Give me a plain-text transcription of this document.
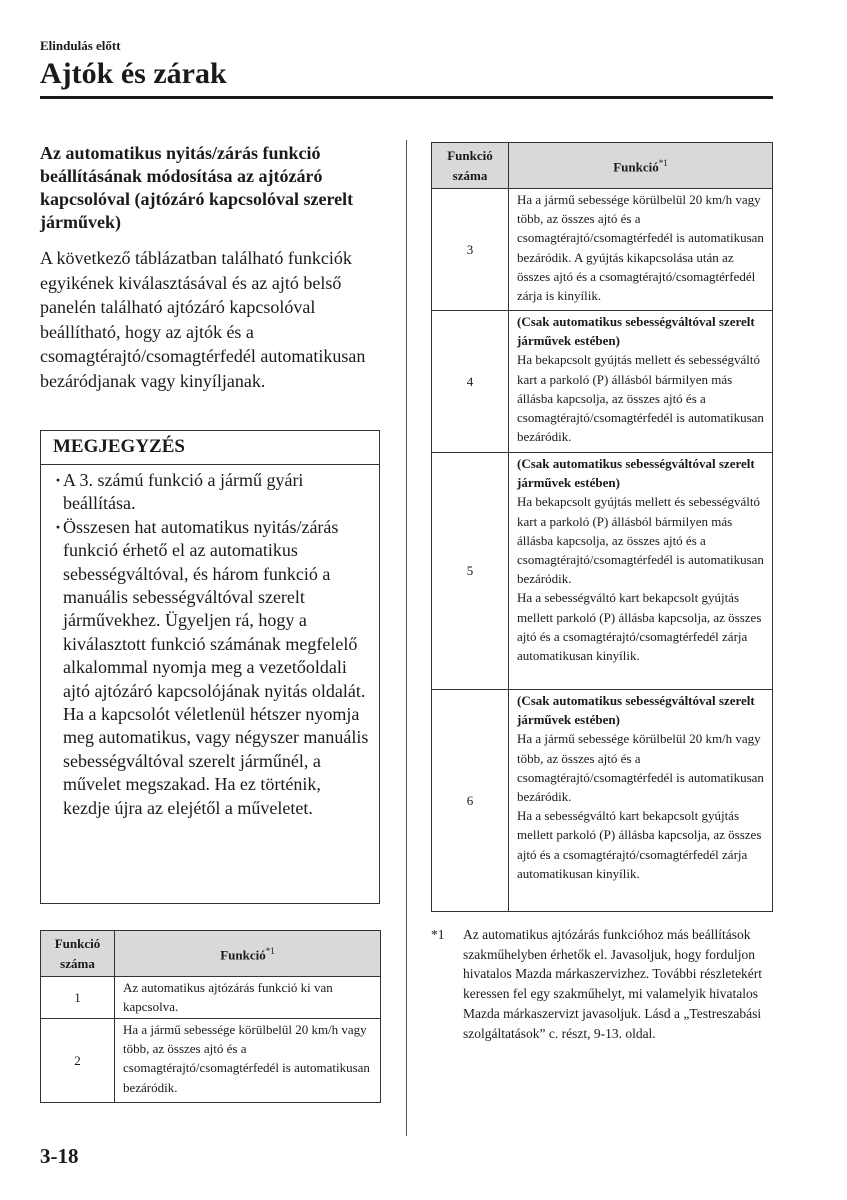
Elindulás előtt
Ajtók és zárak
Az automatikus nyitás/zárás funkció beállításának módosítása az ajtózáró kapcsolóval (ajtózáró kapcsolóval szerelt járművek)

A következő táblázatban található funkciók egyikének kiválasztásával és az ajtó belső panelén található ajtózáró kapcsolóval beállítható, hogy az ajtók és a csomagtérajtó/csomagtérfedél automatikusan bezáródjanak vagy kinyíljanak.

MEGJEGYZÉS
· A 3. számú funkció a jármű gyári beállítása.
· Összesen hat automatikus nyitás/zárás funkció érhető el az automatikus sebességváltóval, és három funkció a manuális sebességváltóval szerelt járművekhez. Ügyeljen rá, hogy a kiválasztott funkció számának megfelelő alkalommal nyomja meg a vezetőoldali ajtó ajtózáró kapcsolójának nyitás oldalát. Ha a kapcsolót véletlenül hétszer nyomja meg automatikus, vagy négyszer manuális sebességváltóval szerelt járműnél, a művelet megszakad. Ha ez történik, kezdje újra az elejétől a műveletet.
Funkció
száma	Funkció$^{*1}$
1	Az automatikus ajtózárás funkció ki van kapcsolva.
2	Ha a jármű sebessége körülbelül 20 km/h vagy több, az összes ajtó és a csomagtérajtó/csomagtérfedél is automatikusan bezáródik.
Funkció
száma	Funkció$^{*1}$
3	Ha a jármű sebessége körülbelül 20 km/h vagy több, az összes ajtó és a csomagtérajtó/csomagtérfedél is automatikusan bezáródik. A gyújtás kikapcsolása után az összes ajtó és a csomagtérajtó/csomagtérfedél zárja is kinyílik.

4	(Csak automatikus sebességváltóval szerelt járművek estében)
Ha bekapcsolt gyújtás mellett és sebességváltó kart a parkoló (P) állásból bármilyen más állásba kapcsolja, az összes ajtó és a csomagtérajtó/csomagtérfedél is automatikusan bezáródik.

5	(Csak automatikus sebességváltóval szerelt járművek estében)
Ha bekapcsolt gyújtás mellett és sebességváltó kart a parkoló (P) állásból bármilyen más állásba kapcsolja, az összes ajtó és a csomagtérajtó/csomagtérfedél is automatikusan bezáródik.
Ha a sebességváltó kart bekapcsolt gyújtás mellett parkoló (P) állásba kapcsolja, az összes ajtó és a csomagtérajtó/csomagtérfedél zárja automatikusan kinyílik.

6	(Csak automatikus sebességváltóval szerelt járművek estében)
Ha a jármű sebessége körülbelül 20 km/h vagy több, az összes ajtó és a csomagtérajtó/csomagtérfedél is automatikusan bezáródik.
Ha a sebességváltó kart bekapcsolt gyújtás mellett parkoló (P) állásba kapcsolja, az összes ajtó és a csomagtérajtó/csomagtérfedél zárja automatikusan kinyílik.
*1 Az automatikus ajtózárás funkcióhoz más beállítások szakműhelyben érhetők el. Javasoljuk, hogy forduljon hivatalos Mazda márkaszervizhez. További részletekért keressen fel egy szakműhelyt, mi valamelyik hivatalos Mazda márkaszervizt javasoljuk. Lásd a „Testreszabási szolgáltatások” c. részt, 9-13. oldal.
3-18
